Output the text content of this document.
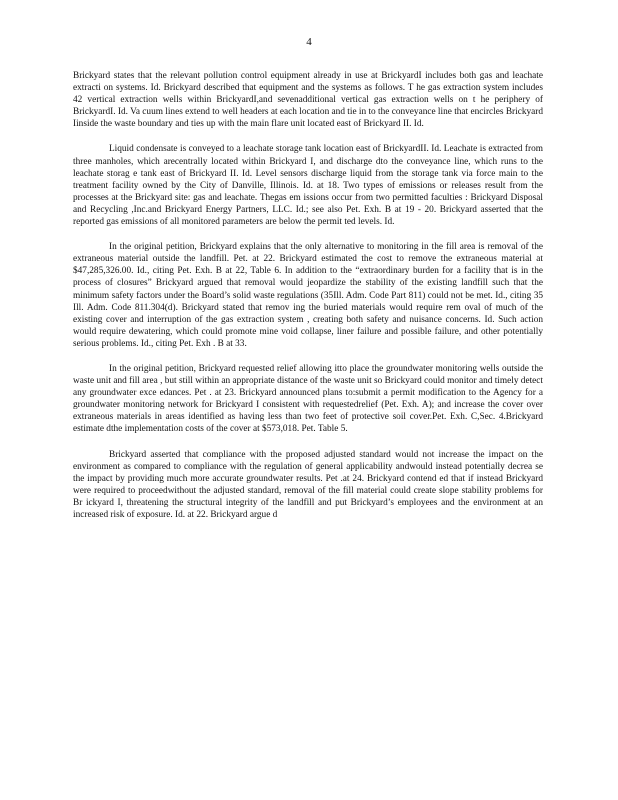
4

Brickyard states that the relevant pollution control equipment already in use at BrickyardI includes both gas and leachate extracti on systems. Id. Brickyard described that equipment and the systems as follows. T he gas extraction system includes 42 vertical extraction wells within BrickyardI,and sevenadditional vertical gas extraction wells on t he periphery of BrickyardI. Id. Va cuum lines extend to well headers at each location and tie in to the conveyance line that encircles Brickyard Iinside the waste boundary and ties up with the main flare unit located east of Brickyard II. Id.

Liquid condensate is conveyed to a leachate storage tank location east of BrickyardII. Id. Leachate is extracted from three manholes, which arecentrally located within Brickyard I, and discharge dto the conveyance line, which runs to the leachate storag e tank east of Brickyard II. Id. Level sensors discharge liquid from the storage tank via force main to the treatment facility owned by the City of Danville, Illinois. Id. at 18. Two types of emissions or releases result from the processes at the Brickyard site: gas and leachate. Thegas em issions occur from two permitted faculties : Brickyard Disposal and Recycling ,Inc.and Brickyard Energy Partners, LLC. Id.; see also Pet. Exh. B at 19 - 20. Brickyard asserted that the reported gas emissions of all monitored parameters are below the permit ted levels. Id.

In the original petition, Brickyard explains that the only alternative to monitoring in the fill area is removal of the extraneous material outside the landfill. Pet. at 22. Brickyard estimated the cost to remove the extraneous material at $47,285,326.00. Id., citing Pet. Exh. B at 22, Table 6. In addition to the “extraordinary burden for a facility that is in the process of closures” Brickyard argued that removal would jeopardize the stability of the existing landfill such that the minimum safety factors under the Board’s solid waste regulations (35Ill. Adm. Code Part 811) could not be met. Id., citing 35 Ill. Adm. Code 811.304(d). Brickyard stated that remov ing the buried materials would require rem oval of much of the existing cover and interruption of the gas extraction system , creating both safety and nuisance concerns. Id. Such action would require dewatering, which could promote mine void collapse, liner failure and possible failure, and other potentially serious problems. Id., citing Pet. Exh . B at 33.

In the original petition, Brickyard requested relief allowing itto place the groundwater monitoring wells outside the waste unit and fill area , but still within an appropriate distance of the waste unit so Brickyard could monitor and timely detect any groundwater exce edances. Pet . at 23. Brickyard announced plans to:submit a permit modification to the Agency for a groundwater monitoring network for Brickyard I consistent with requestedrelief (Pet. Exh. A); and increase the cover over extraneous materials in areas identified as having less than two feet of protective soil cover.Pet. Exh. C,Sec. 4.Brickyard estimate dthe implementation costs of the cover at $573,018. Pet. Table 5.

Brickyard asserted that compliance with the proposed adjusted standard would not increase the impact on the environment as compared to compliance with the regulation of general applicability andwould instead potentially decrea se the impact by providing much more accurate groundwater results. Pet .at 24. Brickyard contend ed that if instead Brickyard were required to proceedwithout the adjusted standard, removal of the fill material could create slope stability problems for Br ickyard I, threatening the structural integrity of the landfill and put Brickyard’s employees and the environment at an increased risk of exposure. Id. at 22. Brickyard argue d
